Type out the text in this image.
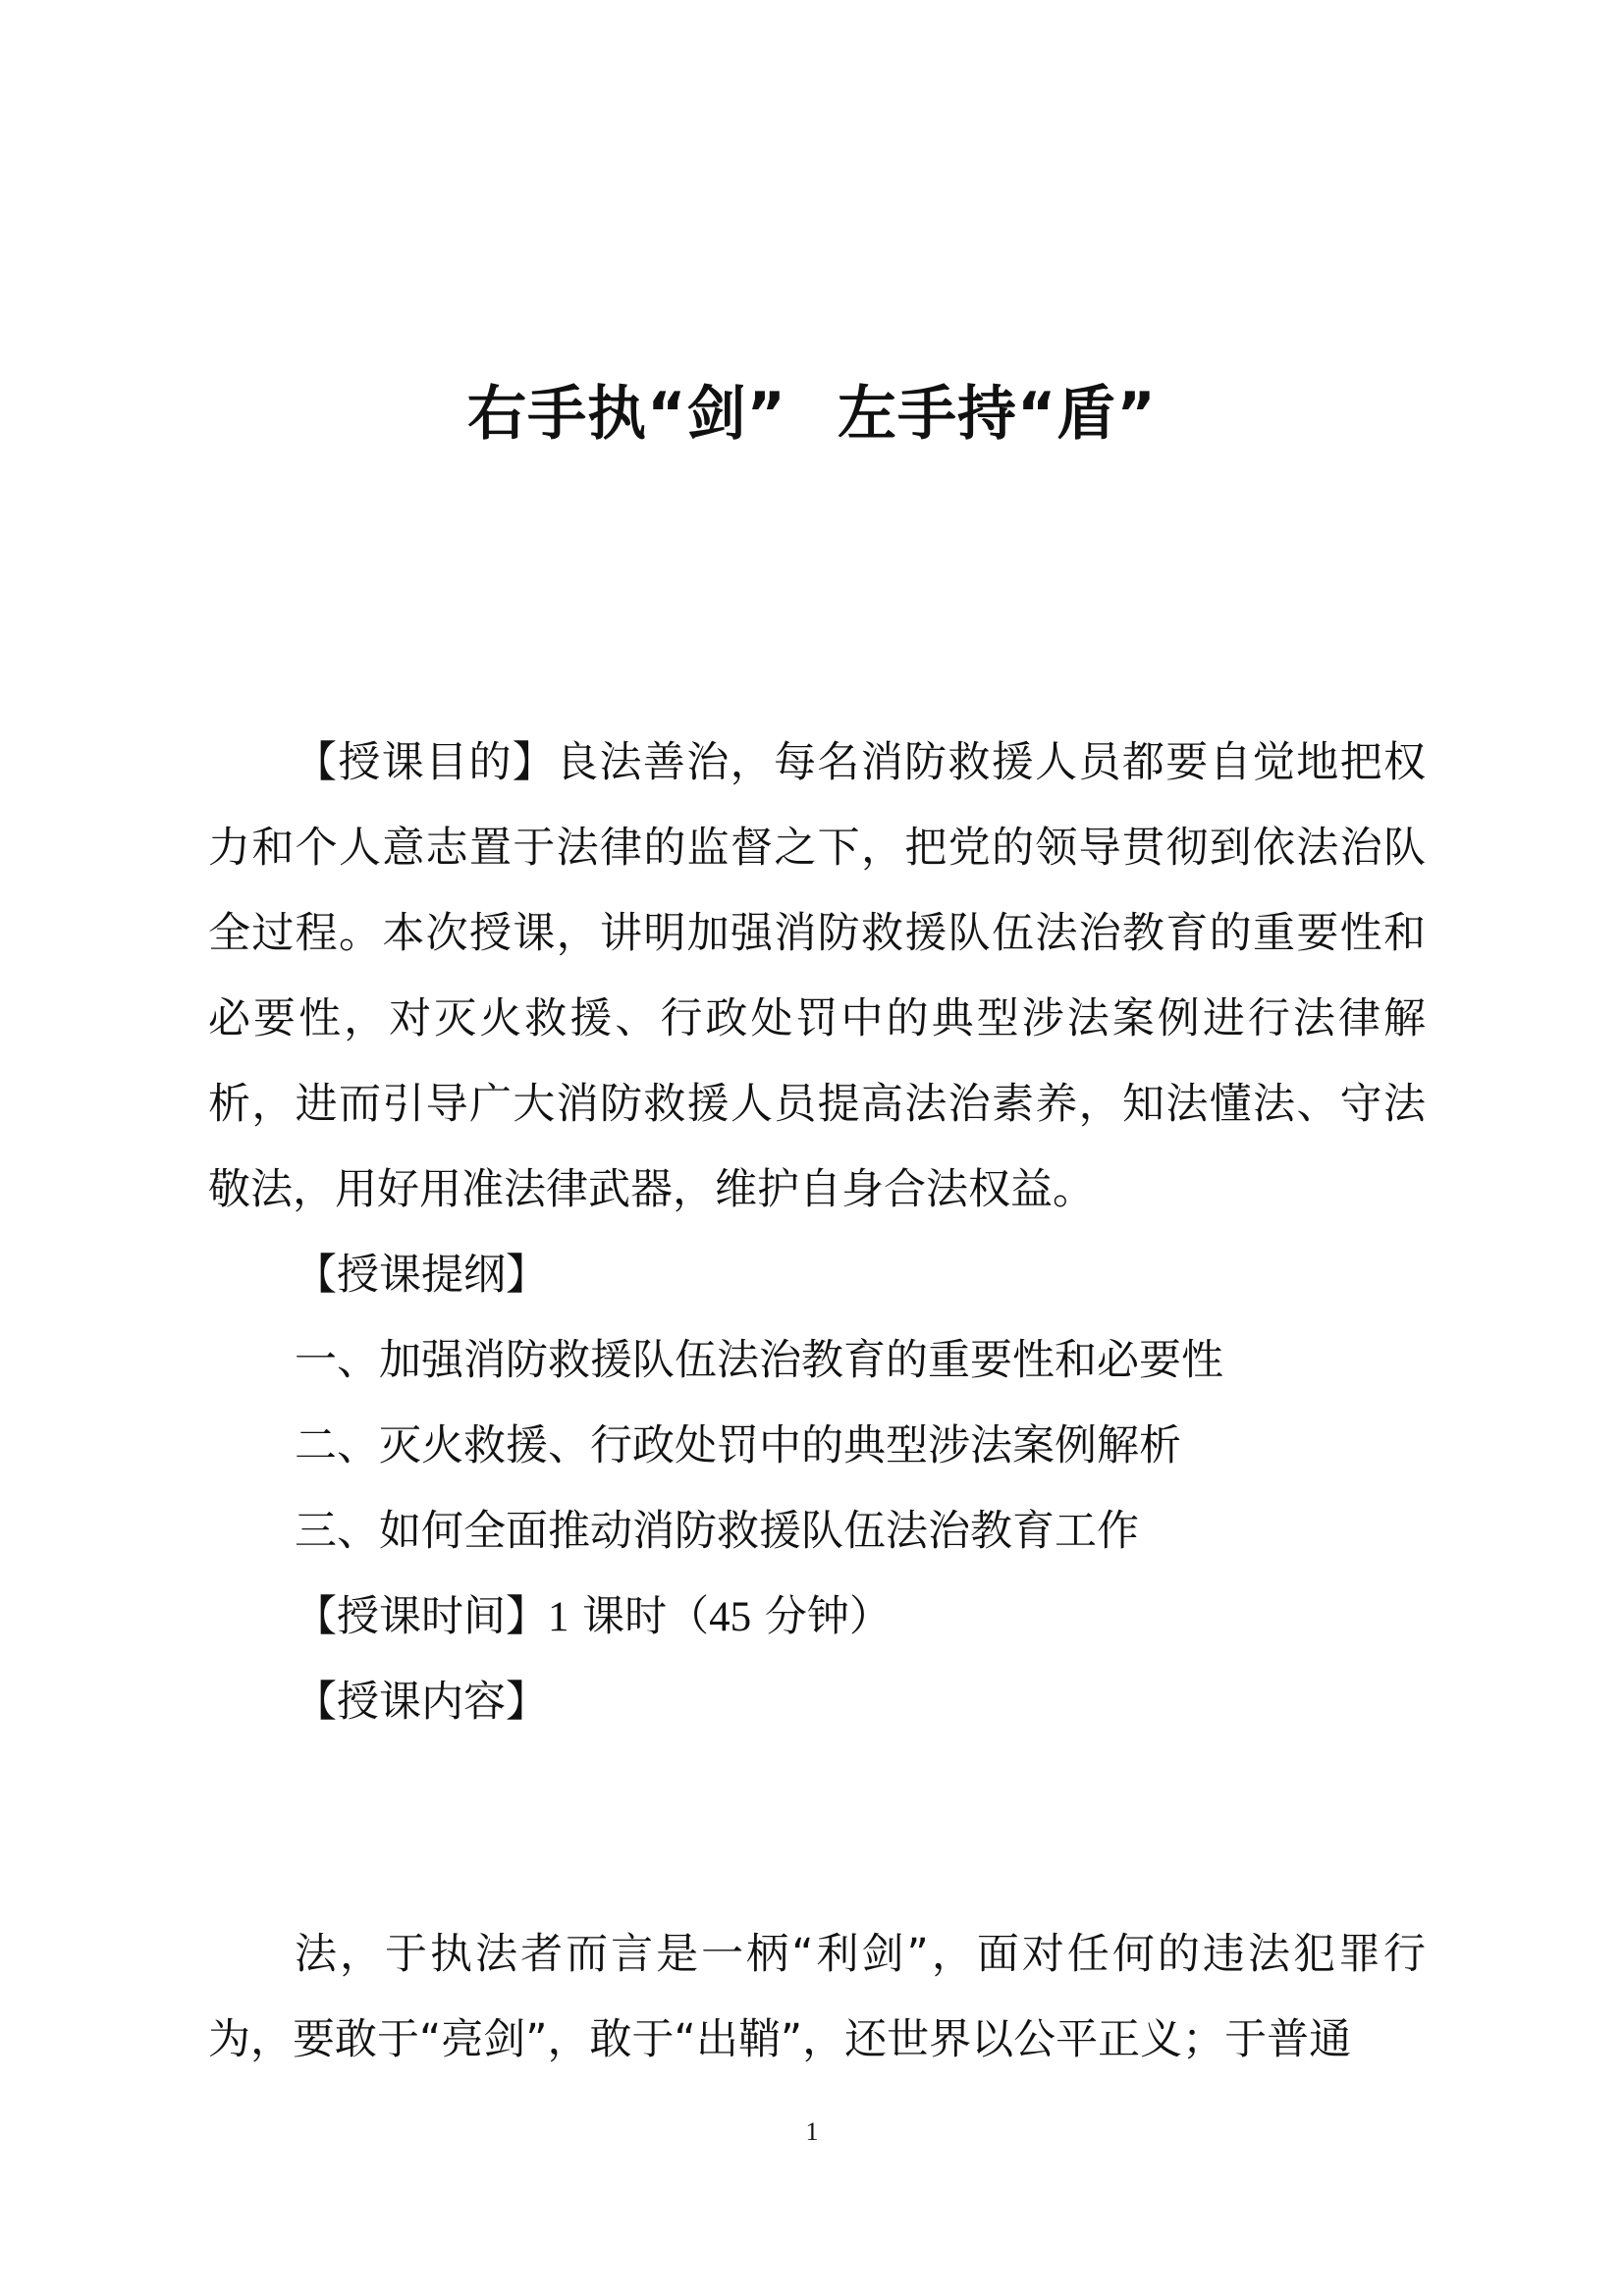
右手执“剑” 左手持“盾”

【授课目的】良法善治，每名消防救援人员都要自觉地把权力和个人意志置于法律的监督之下，把党的领导贯彻到依法治队全过程。本次授课，讲明加强消防救援队伍法治教育的重要性和必要性，对灭火救援、行政处罚中的典型涉法案例进行法律解析，进而引导广大消防救援人员提高法治素养，知法懂法、守法敬法，用好用准法律武器，维护自身合法权益。

【授课提纲】

一、加强消防救援队伍法治教育的重要性和必要性

二、灭火救援、行政处罚中的典型涉法案例解析

三、如何全面推动消防救援队伍法治教育工作

【授课时间】1 课时（45 分钟）

【授课内容】

法，于执法者而言是一柄“利剑”，面对任何的违法犯罪行为，要敢于“亮剑”，敢于“出鞘”，还世界以公平正义；于普通

1
